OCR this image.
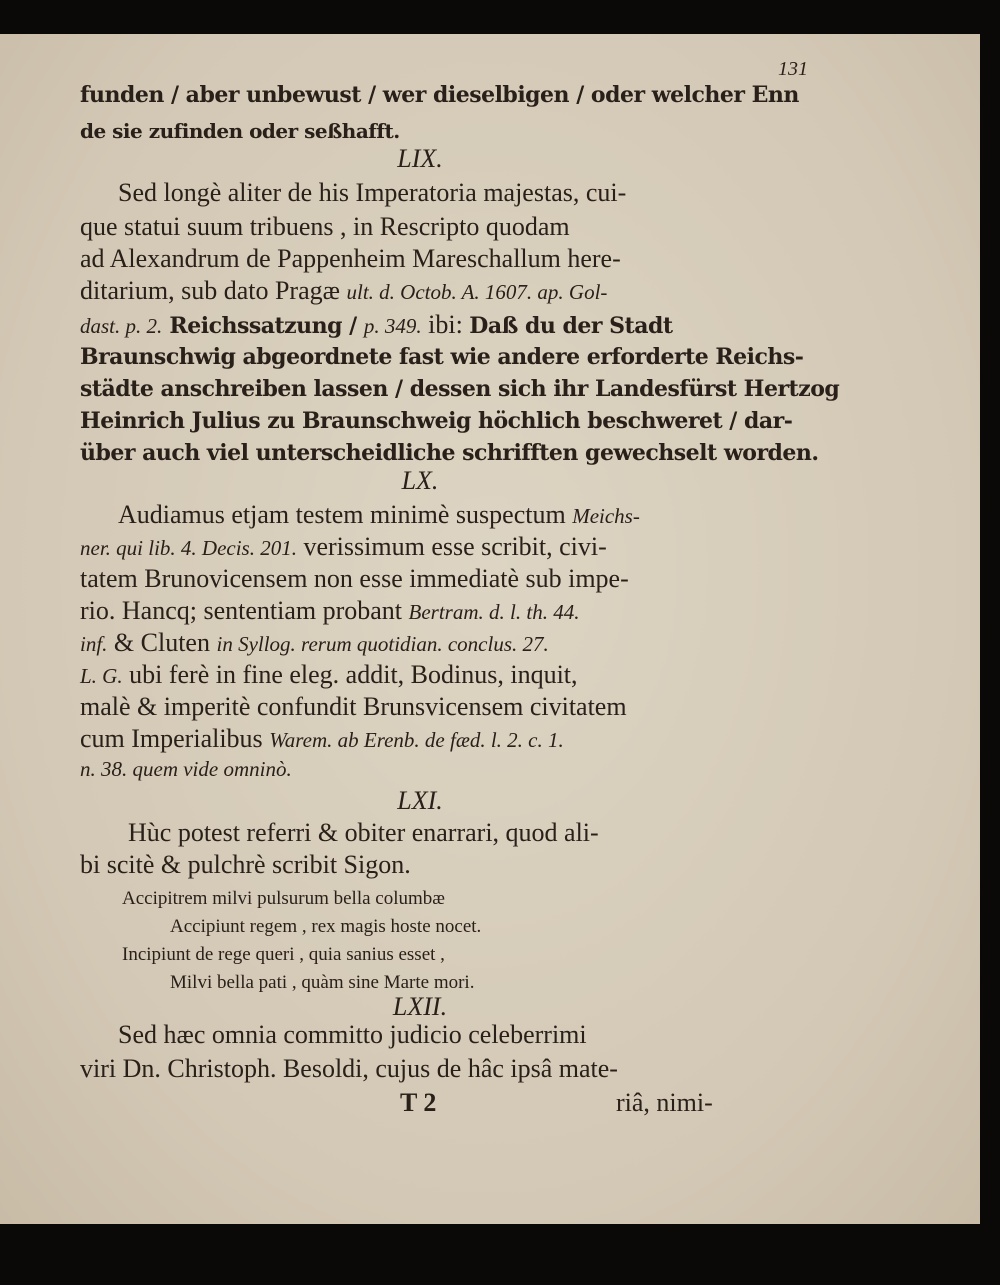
131
funden / aber unbewust / wer dieselbigen / oder welcher Enn
de sie zufinden oder seßhafft.
LIX.
Sed longè aliter de his Imperatoria majestas, cui-
que statui suum tribuens , in Rescripto quodam
ad Alexandrum de Pappenheim Mareschallum here-
ditarium, sub dato Pragæ ult. d. Octob. A. 1607. ap. Gol-
dast. p. 2. Reichssatzung / p. 349. ibi: Daß du der Stadt
Braunschwig abgeordnete fast wie andere erforderte Reichs-
städte anschreiben lassen / dessen sich ihr Landesfürst Hertzog
Heinrich Julius zu Braunschweig höchlich beschweret / dar-
über auch viel unterscheidliche schrifften gewechselt worden.
LX.
Audiamus etjam testem minimè suspectum Meichs-
ner. qui lib. 4. Decis. 201. verissimum esse scribit, civi-
tatem Brunovicensem non esse immediatè sub impe-
rio. Hancq; sententiam probant Bertram. d. l. th. 44.
inf. & Cluten in Syllog. rerum quotidian. conclus. 27.
L. G. ubi ferè in fine eleg. addit, Bodinus, inquit,
malè & imperitè confundit Brunsvicensem civitatem
cum Imperialibus Warem. ab Erenb. de fæd. l. 2. c. 1.
n. 38. quem vide omninò.
LXI.
Hùc potest referri & obiter enarrari, quod ali-
bi scitè & pulchrè scribit Sigon.
Accipitrem milvi pulsurum bella columbæ
Accipiunt regem , rex magis hoste nocet.
Incipiunt de rege queri , quia sanius esset ,
Milvi bella pati , quàm sine Marte mori.
LXII.
Sed hæc omnia committo judicio celeberrimi
viri Dn. Christoph. Besoldi, cujus de hâc ipsâ mate-
T 2	riâ, nimi-
